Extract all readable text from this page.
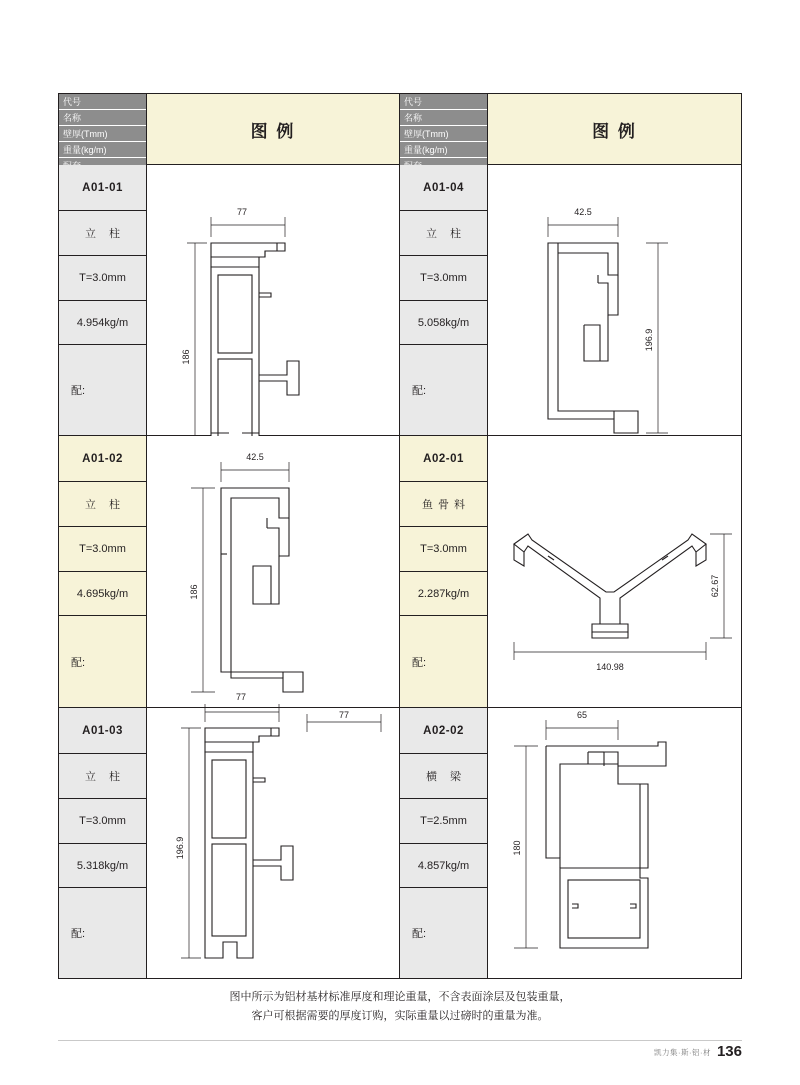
代号
名称
壁厚(Tmm)
重量(kg/m)
图 例
代号
名称
壁厚(Tmm)
重量(kg/m)
图 例
A01-01
立 柱
T=3.0mm
4.954kg/m
配:
77
186
A01-04
立 柱
T=3.0mm
5.058kg/m
配:
42.5
196.9
A01-02
立 柱
T=3.0mm
4.695kg/m
配:
42.5
186
A02-01
鱼骨料
T=3.0mm
2.287kg/m
配:	140.98
62.67
A01-03
立 柱
T=3.0mm
5.318kg/m
配:
77
196.9
77
A02-02
横 梁
T=2.5mm
4.857kg/m
配:
65
180
图中所示为铝材基材标准厚度和理论重量，不含表面涂层及包装重量，
客户可根据需要的厚度订购，实际重量以过磅时的重量为准。
凯力集·斯·铝·材 136
